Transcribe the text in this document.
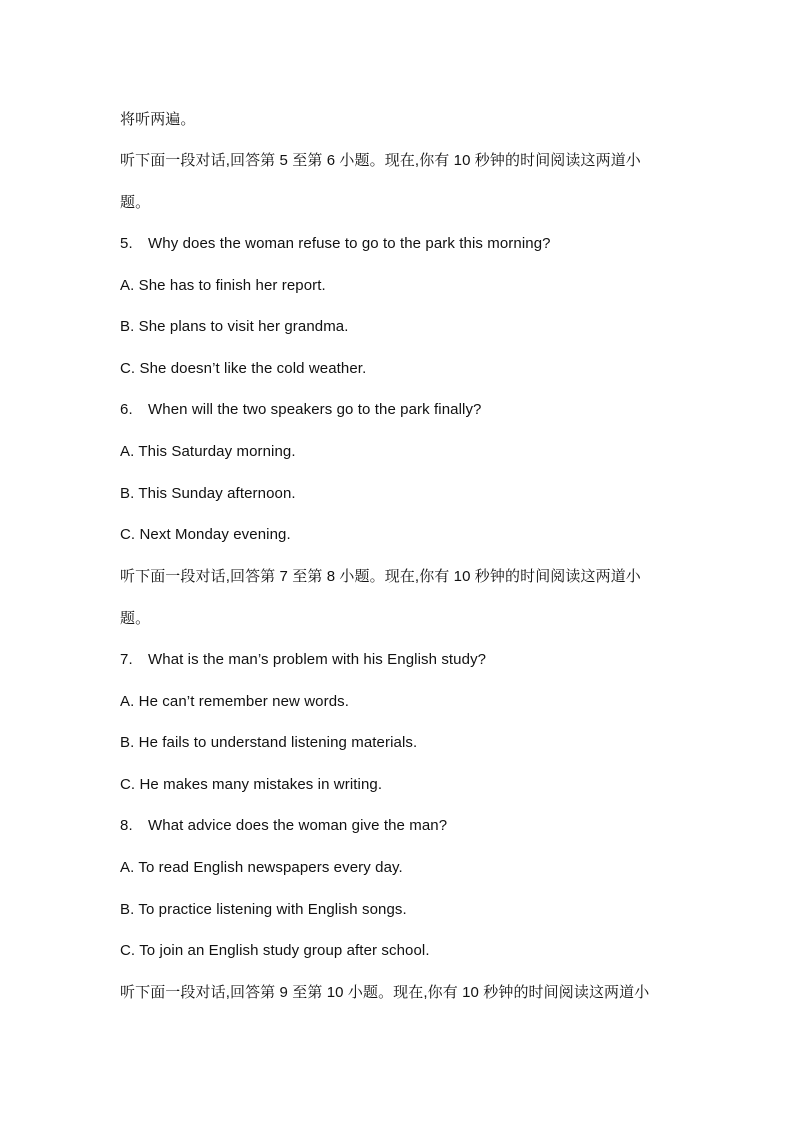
将听两遍。
听下面一段对话,回答第 5 至第 6 小题。现在,你有 10 秒钟的时间阅读这两道小
题。
5. Why does the woman refuse to go to the park this morning?
A. She has to finish her report.
B. She plans to visit her grandma.
C. She doesn’t like the cold weather.
6. When will the two speakers go to the park finally?
A. This Saturday morning.
B. This Sunday afternoon.
C. Next Monday evening.
听下面一段对话,回答第 7 至第 8 小题。现在,你有 10 秒钟的时间阅读这两道小
题。
7. What is the man’s problem with his English study?
A. He can’t remember new words.
B. He fails to understand listening materials.
C. He makes many mistakes in writing.
8. What advice does the woman give the man?
A. To read English newspapers every day.
B. To practice listening with English songs.
C. To join an English study group after school.
听下面一段对话,回答第 9 至第 10 小题。现在,你有 10 秒钟的时间阅读这两道小
